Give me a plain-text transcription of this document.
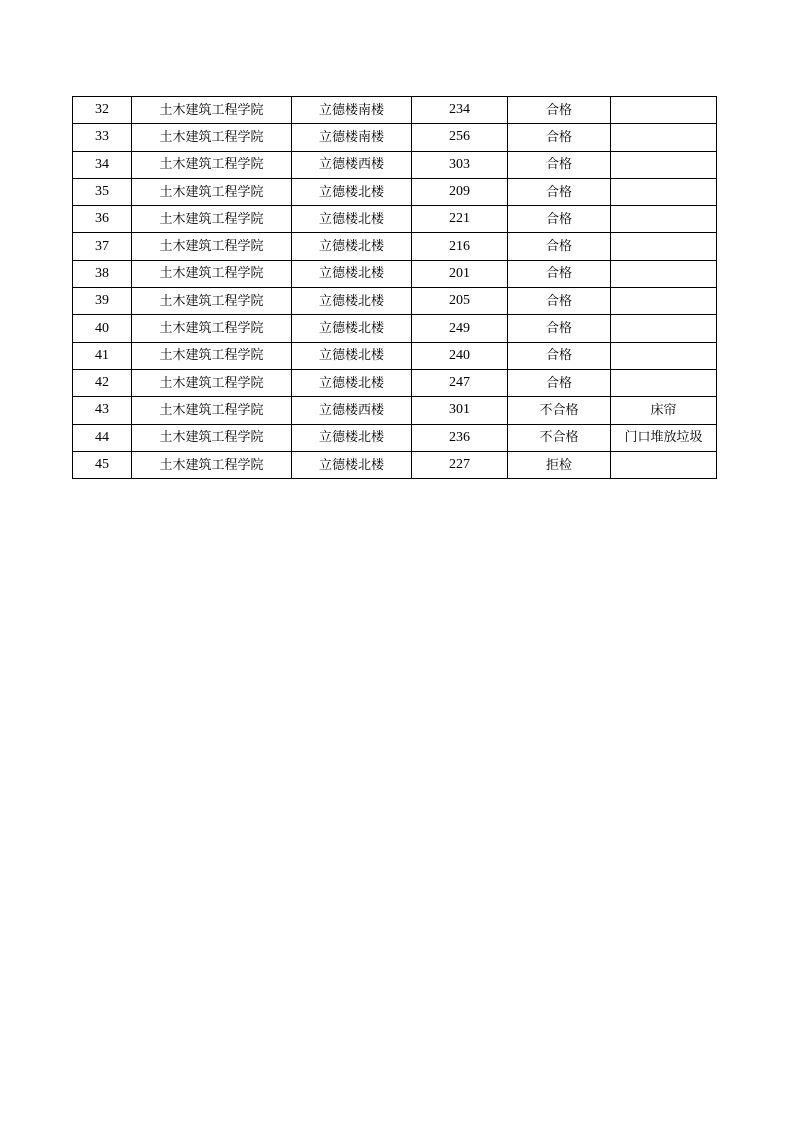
32	土木建筑工程学院	立德楼南楼	234	合格	
33	土木建筑工程学院	立德楼南楼	256	合格	
34	土木建筑工程学院	立德楼西楼	303	合格	
35	土木建筑工程学院	立德楼北楼	209	合格	
36	土木建筑工程学院	立德楼北楼	221	合格	
37	土木建筑工程学院	立德楼北楼	216	合格	
38	土木建筑工程学院	立德楼北楼	201	合格	
39	土木建筑工程学院	立德楼北楼	205	合格	
40	土木建筑工程学院	立德楼北楼	249	合格	
41	土木建筑工程学院	立德楼北楼	240	合格	
42	土木建筑工程学院	立德楼北楼	247	合格	
43	土木建筑工程学院	立德楼西楼	301	不合格	床帘
44	土木建筑工程学院	立德楼北楼	236	不合格	门口堆放垃圾
45	土木建筑工程学院	立德楼北楼	227	拒检	
